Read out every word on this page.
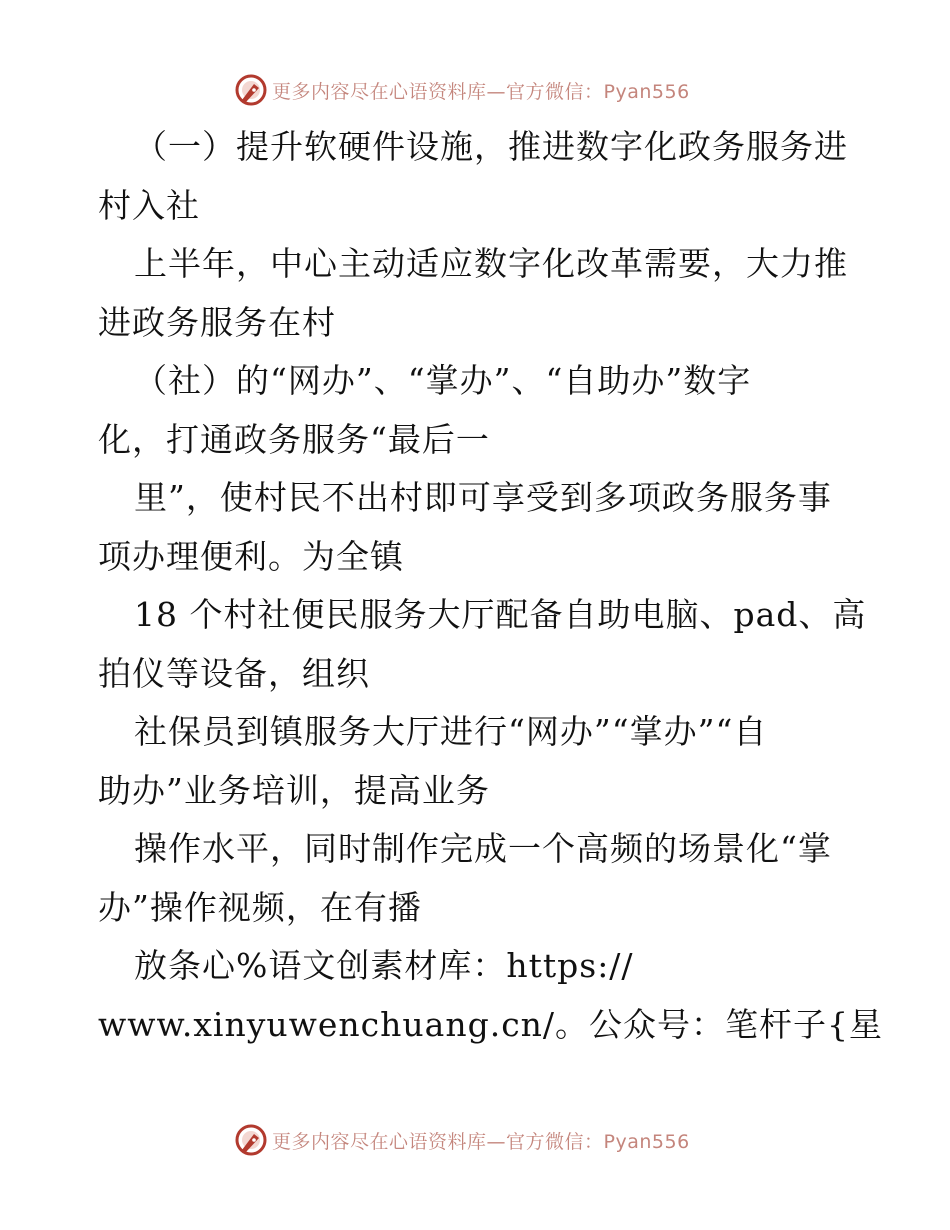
更多内容尽在心语资料库—官方微信：Pyan556
（一）提升软硬件设施，推进数字化政务服务进
村入社
上半年，中心主动适应数字化改革需要，大力推
进政务服务在村
（社）的“网办”、“掌办”、“自助办”数字
化，打通政务服务“最后一
里”，使村民不出村即可享受到多项政务服务事
项办理便利。为全镇
18 个村社便民服务大厅配备自助电脑、pad、高
拍仪等设备，组织
社保员到镇服务大厅进行“网办”“掌办”“自
助办”业务培训，提高业务
操作水平，同时制作完成一个高频的场景化“掌
办”操作视频，在有播
放条心%语文创素材库：https://
www.xinyuwenchuang.cn/。公众号：笔杆子{星
更多内容尽在心语资料库—官方微信：Pyan556
